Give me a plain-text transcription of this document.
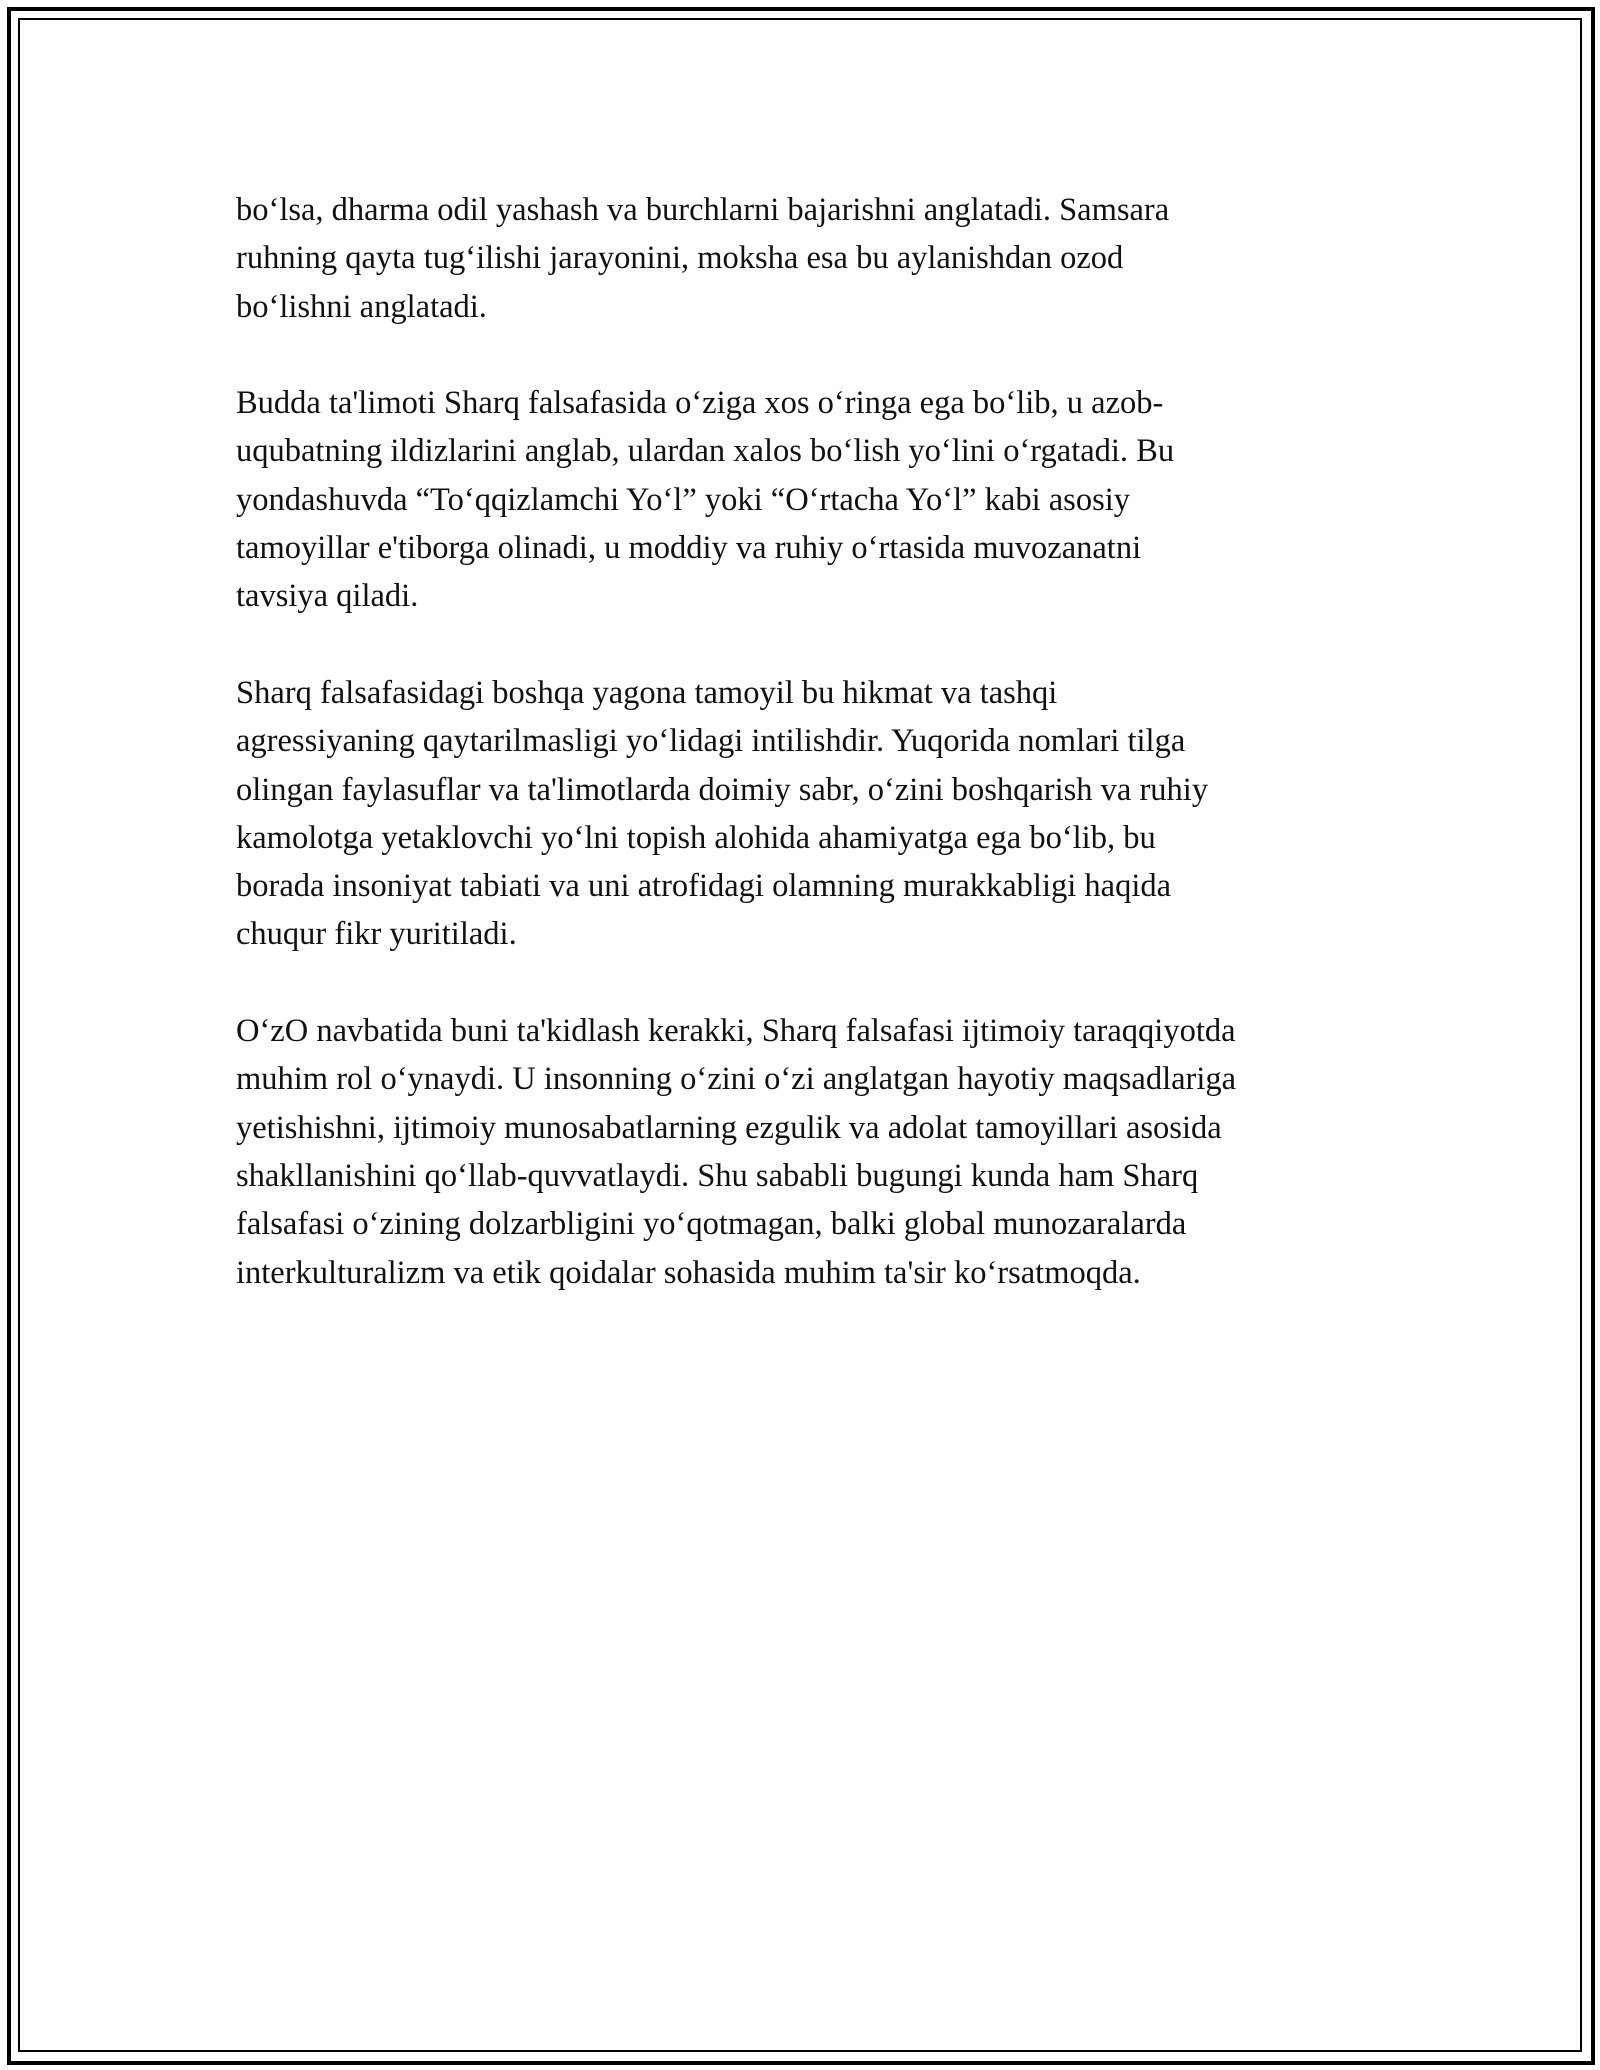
bo‘lsa, dharma odil yashash va burchlarni bajarishni anglatadi. Samsara
ruhning qayta tug‘ilishi jarayonini, moksha esa bu aylanishdan ozod
bo‘lishni anglatadi.

Budda ta'limoti Sharq falsafasida o‘ziga xos o‘ringa ega bo‘lib, u azob-
uqubatning ildizlarini anglab, ulardan xalos bo‘lish yo‘lini o‘rgatadi. Bu
yondashuvda “To‘qqizlamchi Yo‘l” yoki “O‘rtacha Yo‘l” kabi asosiy
tamoyillar e'tiborga olinadi, u moddiy va ruhiy o‘rtasida muvozanatni
tavsiya qiladi.

Sharq falsafasidagi boshqa yagona tamoyil bu hikmat va tashqi
agressiyaning qaytarilmasligi yo‘lidagi intilishdir. Yuqorida nomlari tilga
olingan faylasuflar va ta'limotlarda doimiy sabr, o‘zini boshqarish va ruhiy
kamolotga yetaklovchi yo‘lni topish alohida ahamiyatga ega bo‘lib, bu
borada insoniyat tabiati va uni atrofidagi olamning murakkabligi haqida
chuqur fikr yuritiladi.

O‘zO navbatida buni ta'kidlash kerakki, Sharq falsafasi ijtimoiy taraqqiyotda
muhim rol o‘ynaydi. U insonning o‘zini o‘zi anglatgan hayotiy maqsadlariga
yetishishni, ijtimoiy munosabatlarning ezgulik va adolat tamoyillari asosida
shakllanishini qo‘llab-quvvatlaydi. Shu sababli bugungi kunda ham Sharq
falsafasi o‘zining dolzarbligini yo‘qotmagan, balki global munozaralarda
interkulturalizm va etik qoidalar sohasida muhim ta'sir ko‘rsatmoqda.
